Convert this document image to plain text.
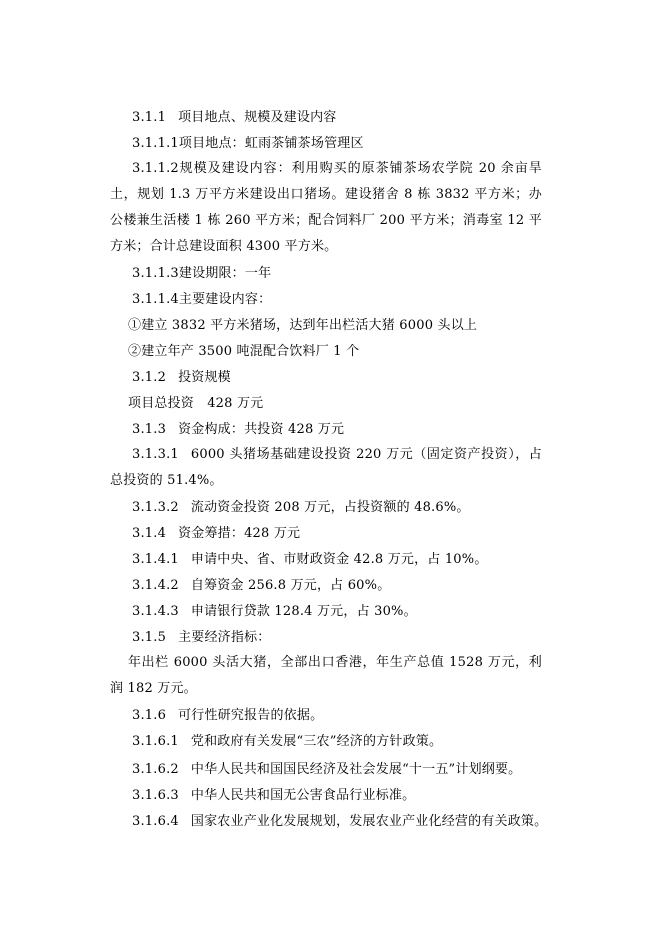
3.1.1 项目地点、规模及建设内容
3.1.1.1项目地点：虹雨茶铺茶场管理区
3.1.1.2规模及建设内容：利用购买的原茶铺茶场农学院 20 余亩旱土，规划 1.3 万平方米建设出口猪场。建设猪舍 8 栋 3832 平方米；办公楼兼生活楼 1 栋 260 平方米；配合饲料厂 200 平方米；消毒室 12 平方米；合计总建设面积 4300 平方米。
3.1.1.3建设期限：一年
3.1.1.4主要建设内容：
①建立 3832 平方米猪场，达到年出栏活大猪 6000 头以上
②建立年产 3500 吨混配合饮料厂 1 个
3.1.2 投资规模
项目总投资　428 万元
3.1.3 资金构成：共投资 428 万元
3.1.3.1 6000 头猪场基础建设投资 220 万元（固定资产投资），占总投资的 51.4%。
3.1.3.2 流动资金投资 208 万元，占投资额的 48.6%。
3.1.4 资金筹措：428 万元
3.1.4.1 申请中央、省、市财政资金 42.8 万元，占 10%。
3.1.4.2 自筹资金 256.8 万元，占 60%。
3.1.4.3 申请银行贷款 128.4 万元，占 30%。
3.1.5 主要经济指标：
年出栏 6000 头活大猪，全部出口香港，年生产总值 1528 万元，利润 182 万元。
3.1.6 可行性研究报告的依据。
3.1.6.1 党和政府有关发展“三农”经济的方针政策。
3.1.6.2 中华人民共和国国民经济及社会发展“十一五”计划纲要。
3.1.6.3 中华人民共和国无公害食品行业标准。
3.1.6.4 国家农业产业化发展规划，发展农业产业化经营的有关政策。
